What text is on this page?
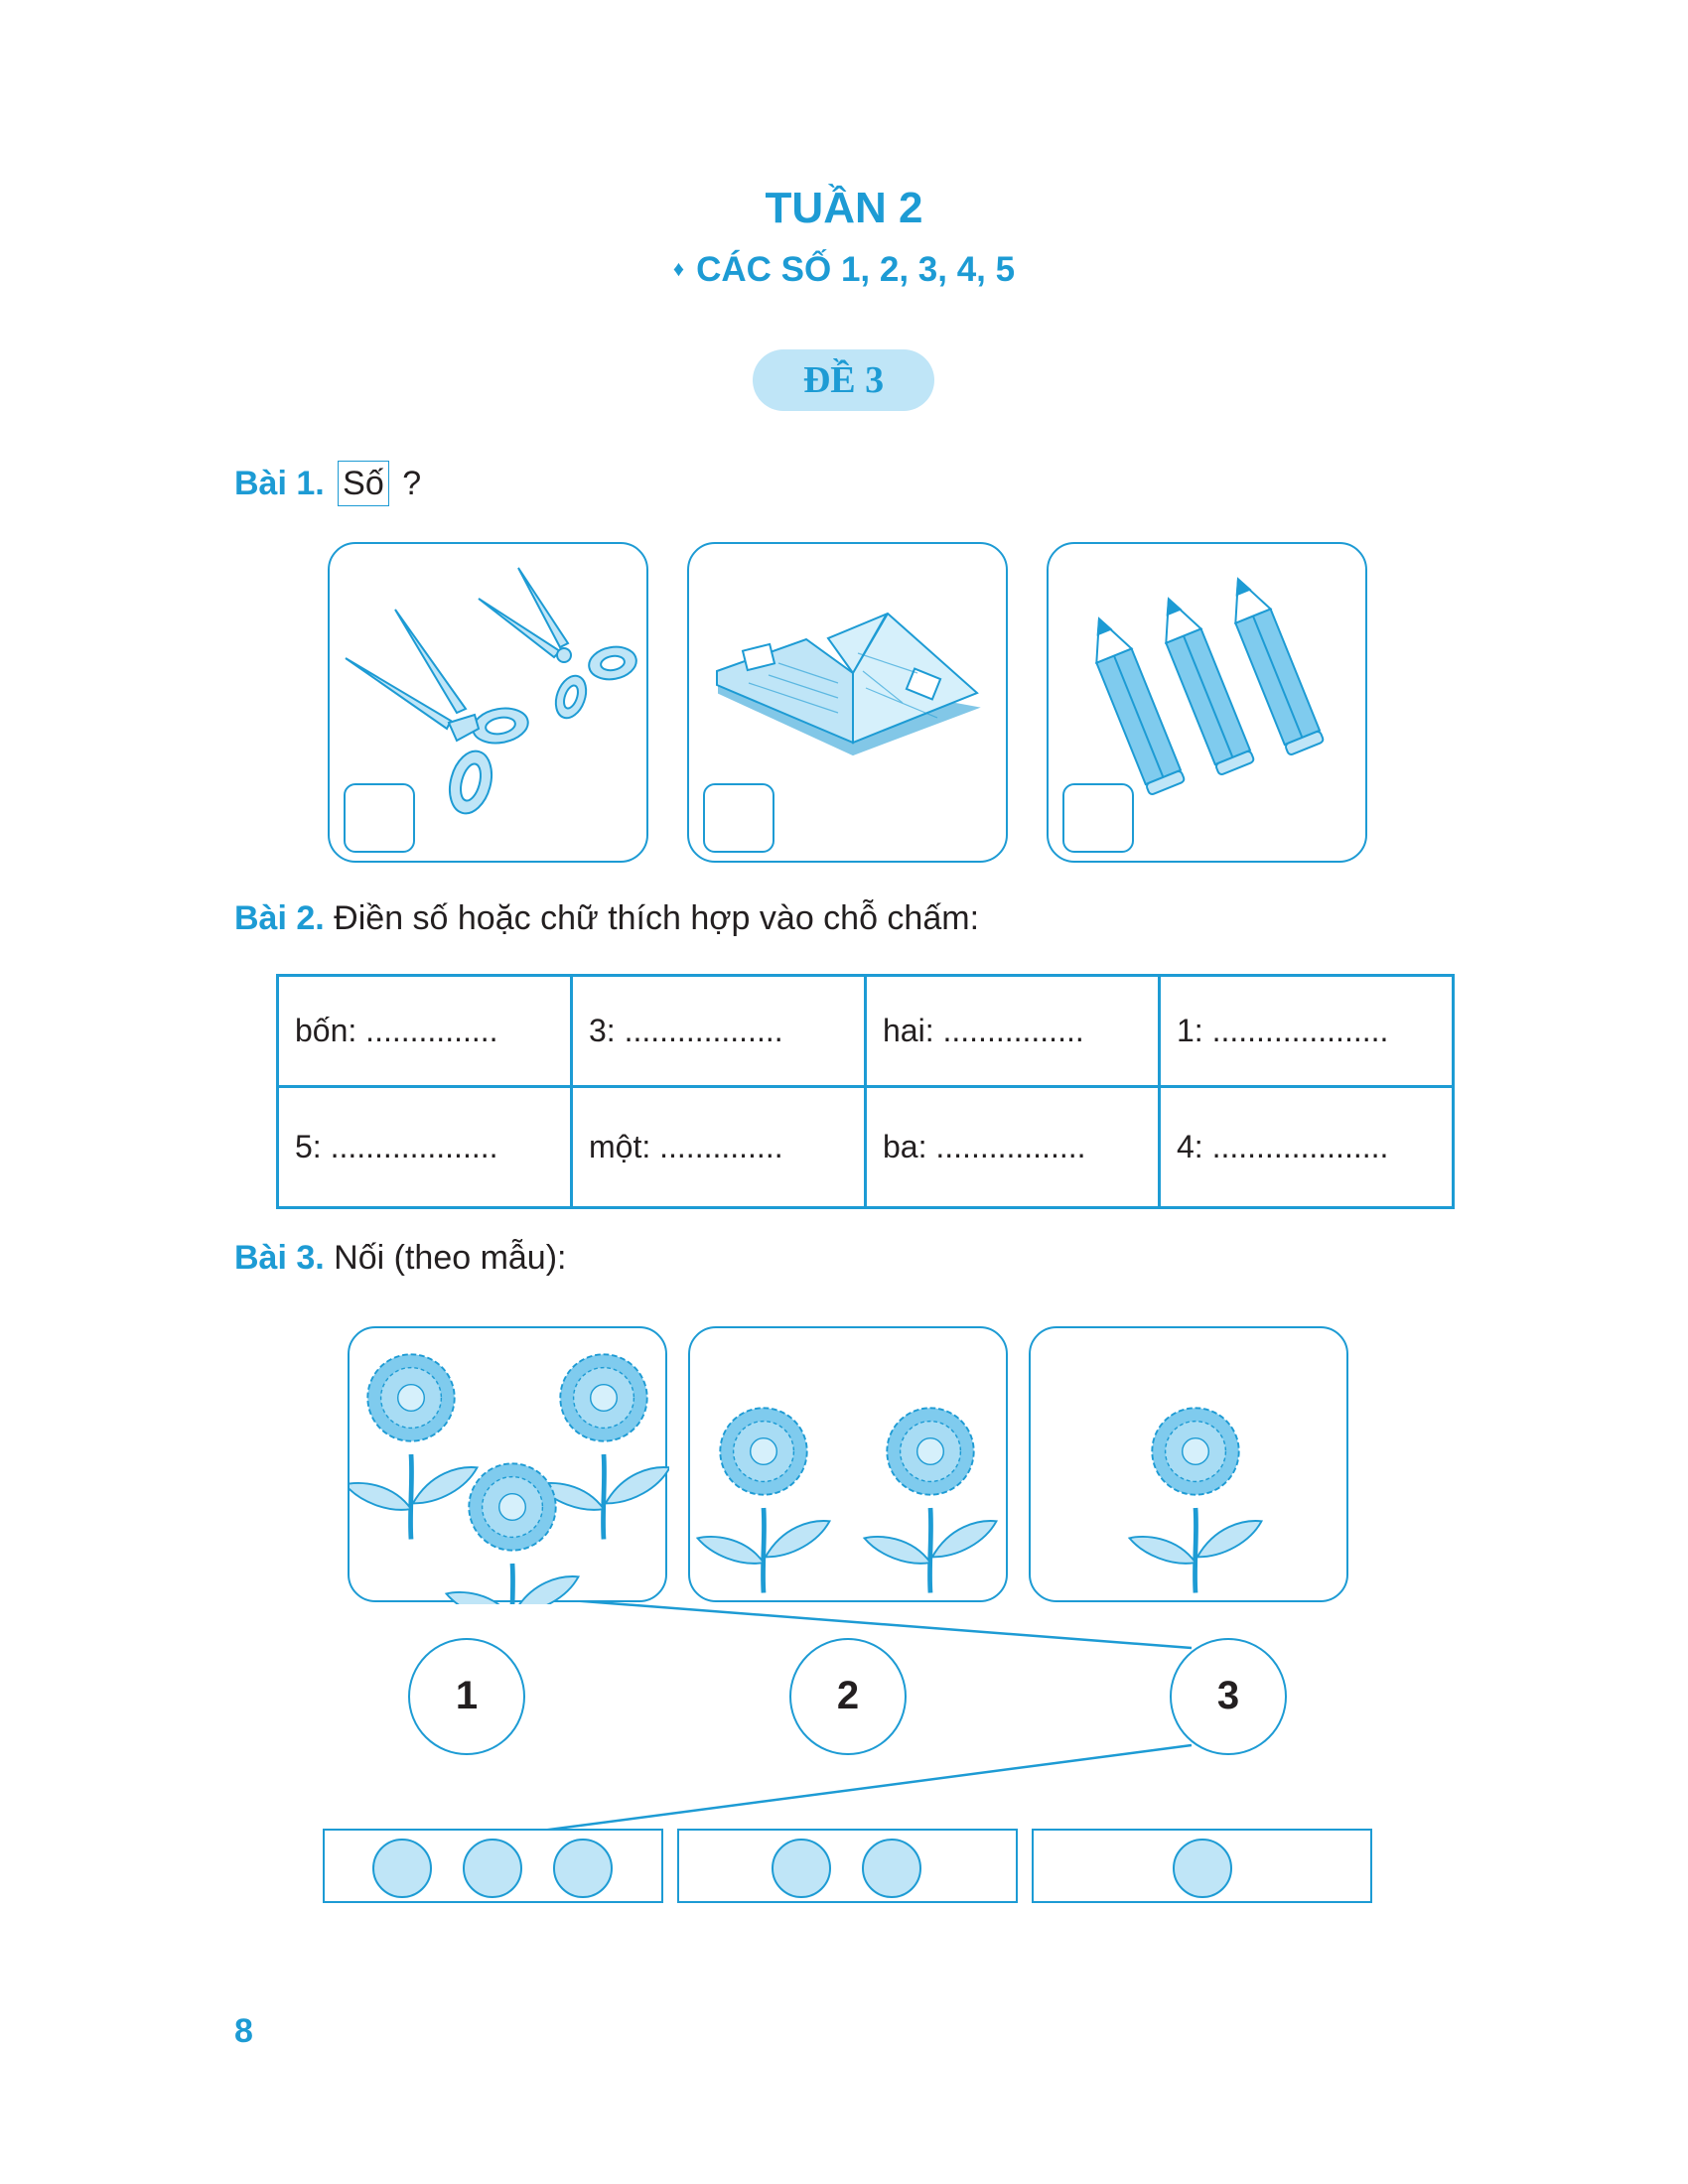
TUẦN 2
♦ CÁC SỐ 1, 2, 3, 4, 5
ĐỀ 3
Bài 1. Số ?
Bài 2. Điền số hoặc chữ thích hợp vào chỗ chấm:
bốn: ...............	3: ..................	hai: ................	1: ....................
5: ...................	một: ..............	ba: .................	4: ....................
Bài 3. Nối (theo mẫu):
1	2	3
8
